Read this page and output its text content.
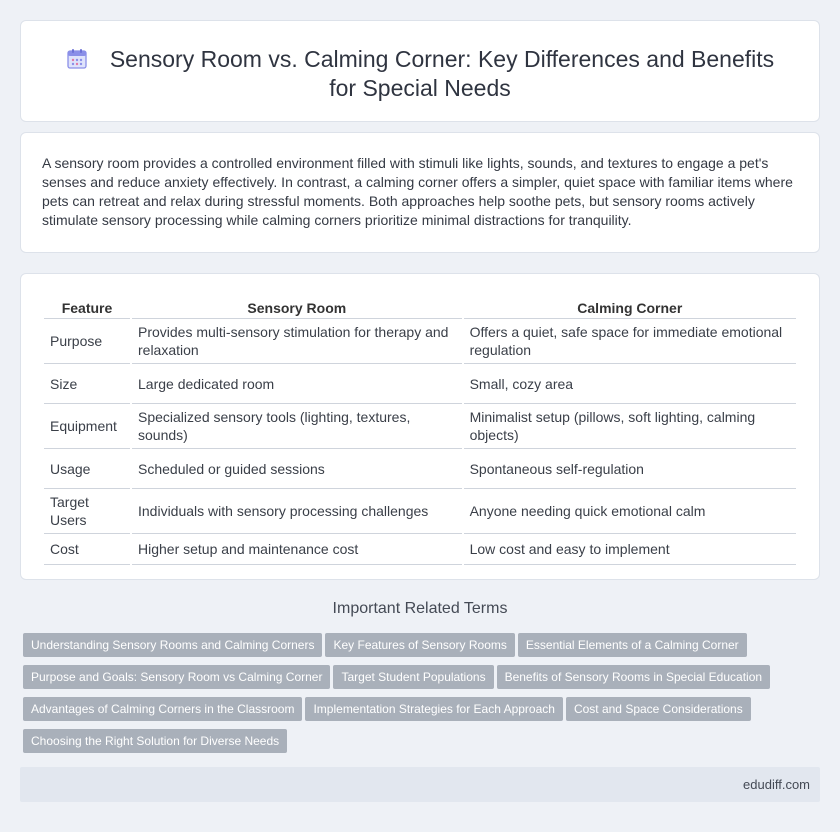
Sensory Room vs. Calming Corner: Key Differences and Benefits for Special Needs

A sensory room provides a controlled environment filled with stimuli like lights, sounds, and textures to engage a pet's senses and reduce anxiety effectively. In contrast, a calming corner offers a simpler, quiet space with familiar items where pets can retreat and relax during stressful moments. Both approaches help soothe pets, but sensory rooms actively stimulate sensory processing while calming corners prioritize minimal distractions for tranquility.

Feature	Sensory Room	Calming Corner
Purpose	Provides multi-sensory stimulation for therapy and relaxation	Offers a quiet, safe space for immediate emotional regulation
Size	Large dedicated room	Small, cozy area
Equipment	Specialized sensory tools (lighting, textures, sounds)	Minimalist setup (pillows, soft lighting, calming objects)
Usage	Scheduled or guided sessions	Spontaneous self-regulation
Target Users	Individuals with sensory processing challenges	Anyone needing quick emotional calm
Cost	Higher setup and maintenance cost	Low cost and easy to implement
Important Related Terms
Understanding Sensory Rooms and Calming Corners Key Features of Sensory Rooms Essential Elements of a Calming Corner
Purpose and Goals: Sensory Room vs Calming Corner Target Student Populations Benefits of Sensory Rooms in Special Education
Advantages of Calming Corners in the Classroom Implementation Strategies for Each Approach Cost and Space Considerations
Choosing the Right Solution for Diverse Needs
edudiff.com
